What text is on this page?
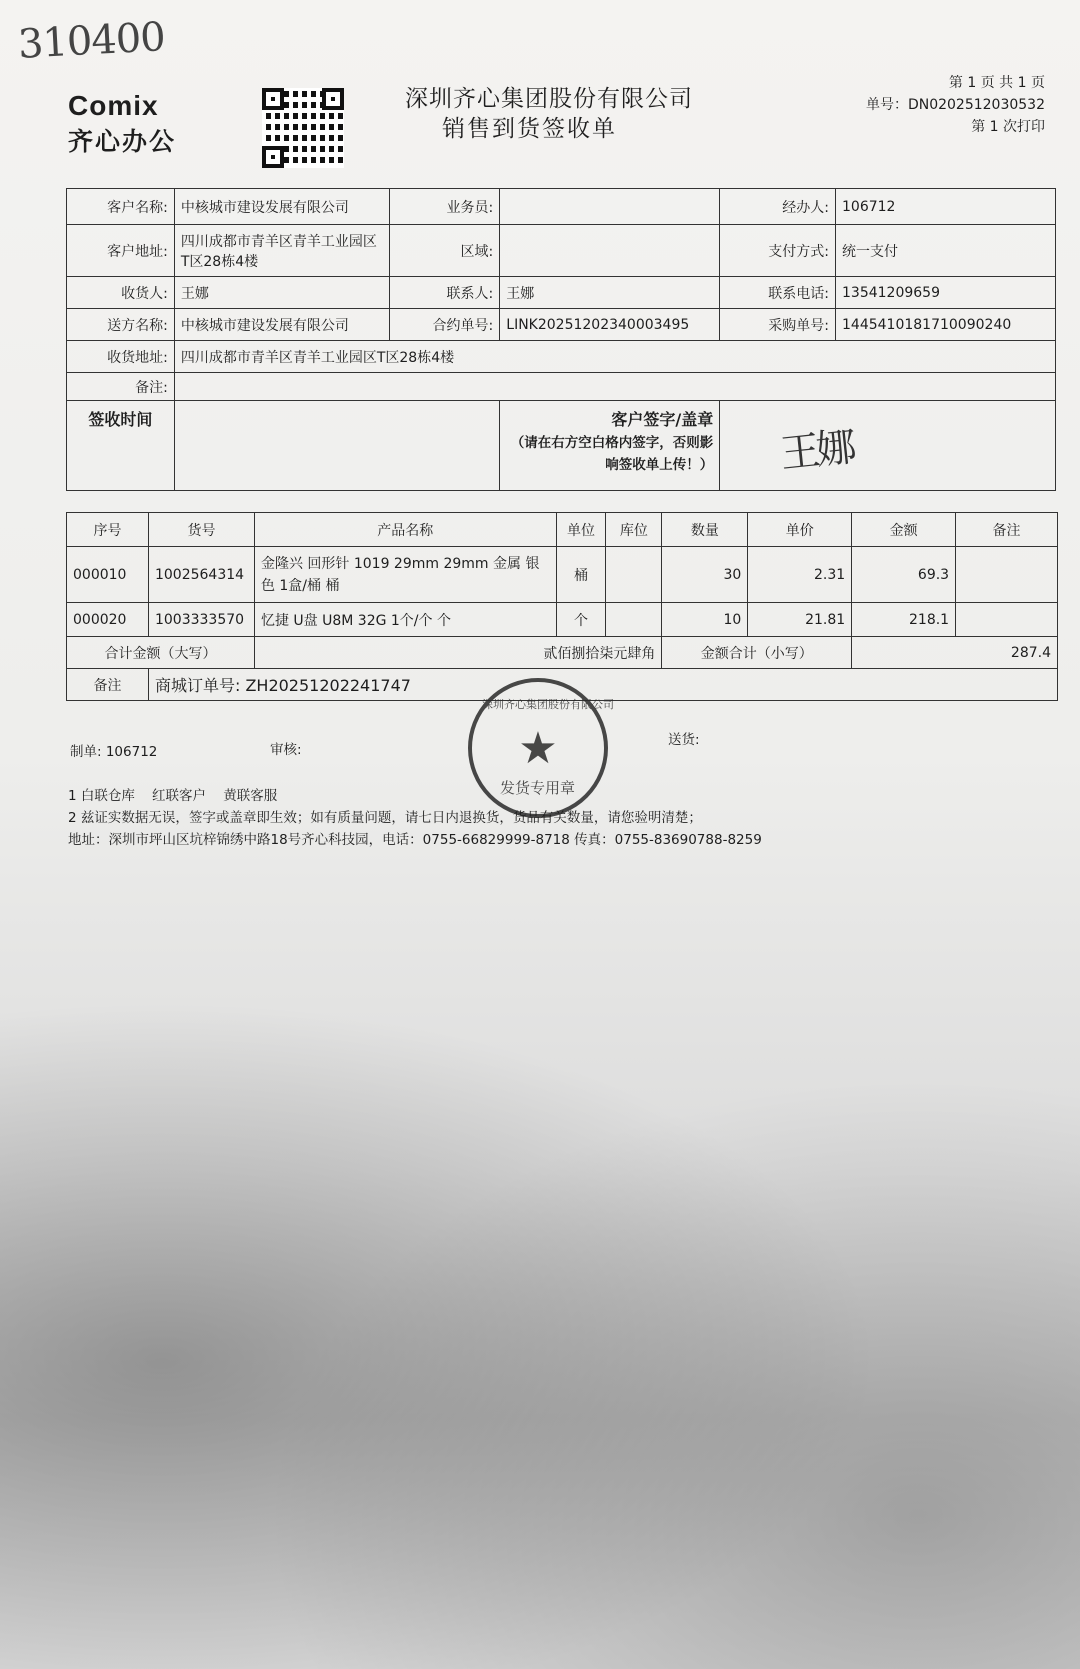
310400
Comix
齐心办公
深圳齐心集团股份有限公司
销售到货签收单
第 1 页 共 1 页
单号：DN0202512030532
第 1 次打印
客户名称:	中核城市建设发展有限公司	业务员:		经办人:	106712
客户地址:	四川成都市青羊区青羊工业园区T区28栋4楼	区域:		支付方式:	统一支付
收货人:	王娜	联系人:	王娜	联系电话:	13541209659
送方名称:	中核城市建设发展有限公司	合约单号:	LINK20251202340003495	采购单号:	1445410181710090240
收货地址:	四川成都市青羊区青羊工业园区T区28栋4楼				
备注:					
签收时间			客户签字/盖章
（请在右方空白格内签字，否则影响签收单上传！）	王娜	
序号	货号	产品名称	单位	库位	数量	单价	金额	备注
000010	1002564314	金隆兴 回形针 1019 29mm 29mm 金属 银色 1盒/桶 桶	桶		30	2.31	69.3	
000020	1003333570	忆捷 U盘 U8M 32G 1个/个 个	个		10	21.81	218.1	
合计金额（大写）		贰佰捌拾柒元肆角			金额合计（小写）		287.4	
备注	商城订单号: ZH20251202241747							
★
深圳齐心集团股份有限公司
发货专用章
制单: 106712	审核:
送货:
1 白联仓库    红联客户    黄联客服
2 兹证实数据无误，签字或盖章即生效；如有质量问题，请七日内退换货，货品有关数量，请您验明清楚；
地址：深圳市坪山区坑梓锦绣中路18号齐心科技园，电话：0755-66829999-8718 传真：0755-83690788-8259
